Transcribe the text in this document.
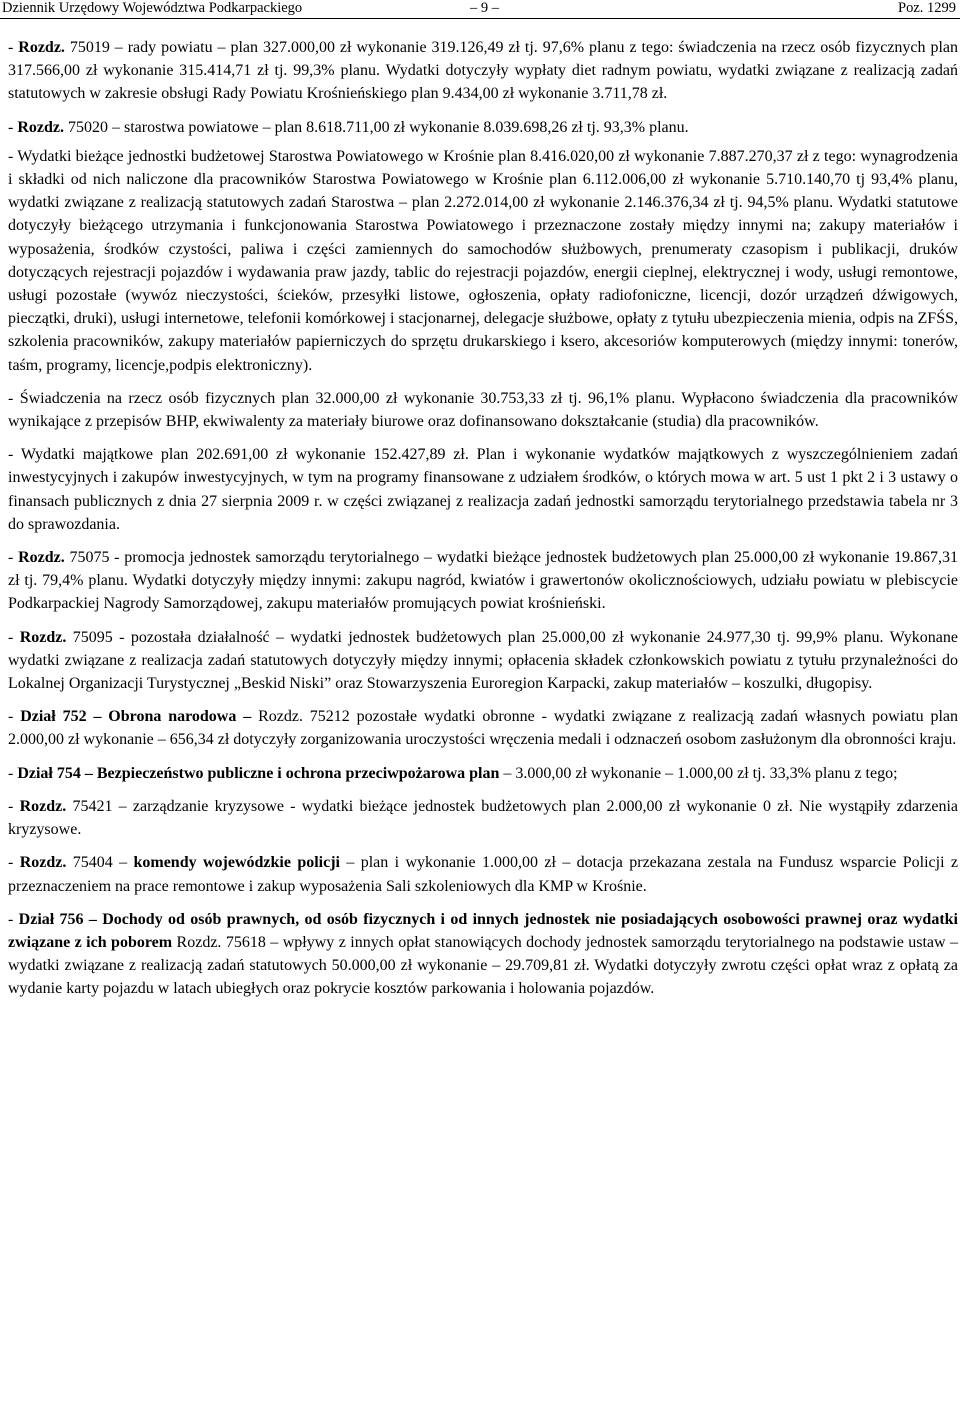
Dziennik Urzędowy Województwa Podkarpackiego	– 9 –	Poz. 1299

- Rozdz. 75019 – rady powiatu – plan 327.000,00 zł wykonanie 319.126,49 zł tj. 97,6% planu z tego: świadczenia na rzecz osób fizycznych plan 317.566,00 zł wykonanie 315.414,71 zł tj. 99,3% planu. Wydatki dotyczyły wypłaty diet radnym powiatu, wydatki związane z realizacją zadań statutowych w zakresie obsługi Rady Powiatu Krośnieńskiego plan 9.434,00 zł wykonanie 3.711,78 zł.

- Rozdz. 75020 – starostwa powiatowe – plan 8.618.711,00 zł wykonanie 8.039.698,26 zł tj. 93,3% planu.

- Wydatki bieżące jednostki budżetowej Starostwa Powiatowego w Krośnie plan 8.416.020,00 zł wykonanie 7.887.270,37 zł z tego: wynagrodzenia i składki od nich naliczone dla pracowników Starostwa Powiatowego w Krośnie plan 6.112.006,00 zł wykonanie 5.710.140,70 tj 93,4% planu, wydatki związane z realizacją statutowych zadań Starostwa – plan 2.272.014,00 zł wykonanie 2.146.376,34 zł tj. 94,5% planu. Wydatki statutowe dotyczyły bieżącego utrzymania i funkcjonowania Starostwa Powiatowego i przeznaczone zostały między innymi na; zakupy materiałów i wyposażenia, środków czystości, paliwa i części zamiennych do samochodów służbowych, prenumeraty czasopism i publikacji, druków dotyczących rejestracji pojazdów i wydawania praw jazdy, tablic do rejestracji pojazdów, energii cieplnej, elektrycznej i wody, usługi remontowe, usługi pozostałe (wywóz nieczystości, ścieków, przesyłki listowe, ogłoszenia, opłaty radiofoniczne, licencji, dozór urządzeń dźwigowych, pieczątki, druki), usługi internetowe, telefonii komórkowej i stacjonarnej, delegacje służbowe, opłaty z tytułu ubezpieczenia mienia, odpis na ZFŚS, szkolenia pracowników, zakupy materiałów papierniczych do sprzętu drukarskiego i ksero, akcesoriów komputerowych (między innymi: tonerów, taśm, programy, licencje,podpis elektroniczny).

- Świadczenia na rzecz osób fizycznych plan 32.000,00 zł wykonanie 30.753,33 zł tj. 96,1% planu. Wypłacono świadczenia dla pracowników wynikające z przepisów BHP, ekwiwalenty za materiały biurowe oraz dofinansowano dokształcanie (studia) dla pracowników.

- Wydatki majątkowe plan 202.691,00 zł wykonanie 152.427,89 zł. Plan i wykonanie wydatków majątkowych z wyszczególnieniem zadań inwestycyjnych i zakupów inwestycyjnych, w tym na programy finansowane z udziałem środków, o których mowa w art. 5 ust 1 pkt 2 i 3 ustawy o finansach publicznych z dnia 27 sierpnia 2009 r. w części związanej z realizacja zadań jednostki samorządu terytorialnego przedstawia tabela nr 3 do sprawozdania.

- Rozdz. 75075 - promocja jednostek samorządu terytorialnego – wydatki bieżące jednostek budżetowych plan 25.000,00 zł wykonanie 19.867,31 zł tj. 79,4% planu. Wydatki dotyczyły między innymi: zakupu nagród, kwiatów i grawertonów okolicznościowych, udziału powiatu w plebiscycie Podkarpackiej Nagrody Samorządowej, zakupu materiałów promujących powiat krośnieński.

- Rozdz. 75095 - pozostała działalność – wydatki jednostek budżetowych plan 25.000,00 zł wykonanie 24.977,30 tj. 99,9% planu. Wykonane wydatki związane z realizacja zadań statutowych dotyczyły między innymi; opłacenia składek członkowskich powiatu z tytułu przynależności do Lokalnej Organizacji Turystycznej „Beskid Niski” oraz Stowarzyszenia Euroregion Karpacki, zakup materiałów – koszulki, długopisy.

- Dział 752 – Obrona narodowa – Rozdz. 75212 pozostałe wydatki obronne - wydatki związane z realizacją zadań własnych powiatu plan 2.000,00 zł wykonanie – 656,34 zł dotyczyły zorganizowania uroczystości wręczenia medali i odznaczeń osobom zasłużonym dla obronności kraju.

- Dział 754 – Bezpieczeństwo publiczne i ochrona przeciwpożarowa plan – 3.000,00 zł wykonanie – 1.000,00 zł tj. 33,3% planu z tego;

- Rozdz. 75421 – zarządzanie kryzysowe - wydatki bieżące jednostek budżetowych plan 2.000,00 zł wykonanie 0 zł. Nie wystąpiły zdarzenia kryzysowe.

- Rozdz. 75404 – komendy wojewódzkie policji – plan i wykonanie 1.000,00 zł – dotacja przekazana zestala na Fundusz wsparcie Policji z przeznaczeniem na prace remontowe i zakup wyposażenia Sali szkoleniowych dla KMP w Krośnie.

- Dział 756 – Dochody od osób prawnych, od osób fizycznych i od innych jednostek nie posiadających osobowości prawnej oraz wydatki związane z ich poborem Rozdz. 75618 – wpływy z innych opłat stanowiących dochody jednostek samorządu terytorialnego na podstawie ustaw – wydatki związane z realizacją zadań statutowych 50.000,00 zł wykonanie – 29.709,81 zł. Wydatki dotyczyły zwrotu części opłat wraz z opłatą za wydanie karty pojazdu w latach ubiegłych oraz pokrycie kosztów parkowania i holowania pojazdów.
